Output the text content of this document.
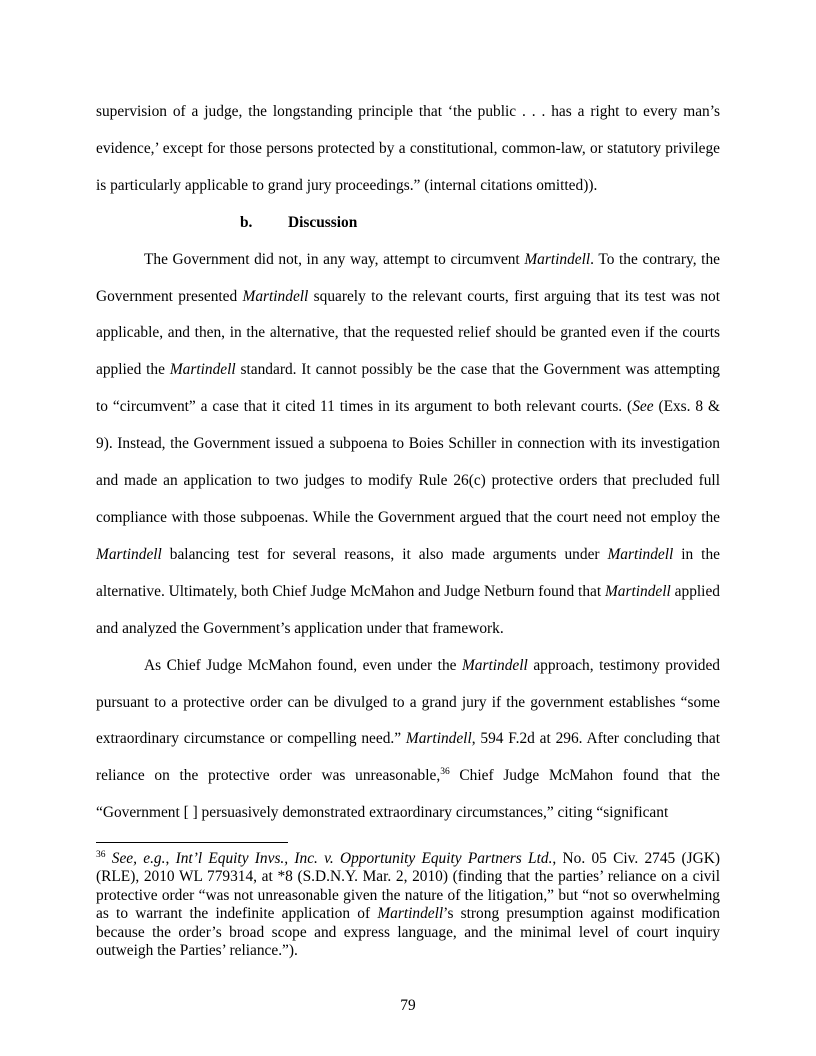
supervision of a judge, the longstanding principle that ‘the public . . . has a right to every man’s evidence,’ except for those persons protected by a constitutional, common-law, or statutory privilege is particularly applicable to grand jury proceedings.” (internal citations omitted)).

b. Discussion

The Government did not, in any way, attempt to circumvent Martindell. To the contrary, the Government presented Martindell squarely to the relevant courts, first arguing that its test was not applicable, and then, in the alternative, that the requested relief should be granted even if the courts applied the Martindell standard. It cannot possibly be the case that the Government was attempting to “circumvent” a case that it cited 11 times in its argument to both relevant courts. (See (Exs. 8 & 9). Instead, the Government issued a subpoena to Boies Schiller in connection with its investigation and made an application to two judges to modify Rule 26(c) protective orders that precluded full compliance with those subpoenas. While the Government argued that the court need not employ the Martindell balancing test for several reasons, it also made arguments under Martindell in the alternative. Ultimately, both Chief Judge McMahon and Judge Netburn found that Martindell applied and analyzed the Government’s application under that framework.

As Chief Judge McMahon found, even under the Martindell approach, testimony provided pursuant to a protective order can be divulged to a grand jury if the government establishes “some extraordinary circumstance or compelling need.” Martindell, 594 F.2d at 296. After concluding that reliance on the protective order was unreasonable,$^{36}$ Chief Judge McMahon found that the “Government [ ] persuasively demonstrated extraordinary circumstances,” citing “significant

$^{36}$ See, e.g., Int’l Equity Invs., Inc. v. Opportunity Equity Partners Ltd., No. 05 Civ. 2745 (JGK) (RLE), 2010 WL 779314, at *8 (S.D.N.Y. Mar. 2, 2010) (finding that the parties’ reliance on a civil protective order “was not unreasonable given the nature of the litigation,” but “not so overwhelming as to warrant the indefinite application of Martindell’s strong presumption against modification because the order’s broad scope and express language, and the minimal level of court inquiry outweigh the Parties’ reliance.”).

79
